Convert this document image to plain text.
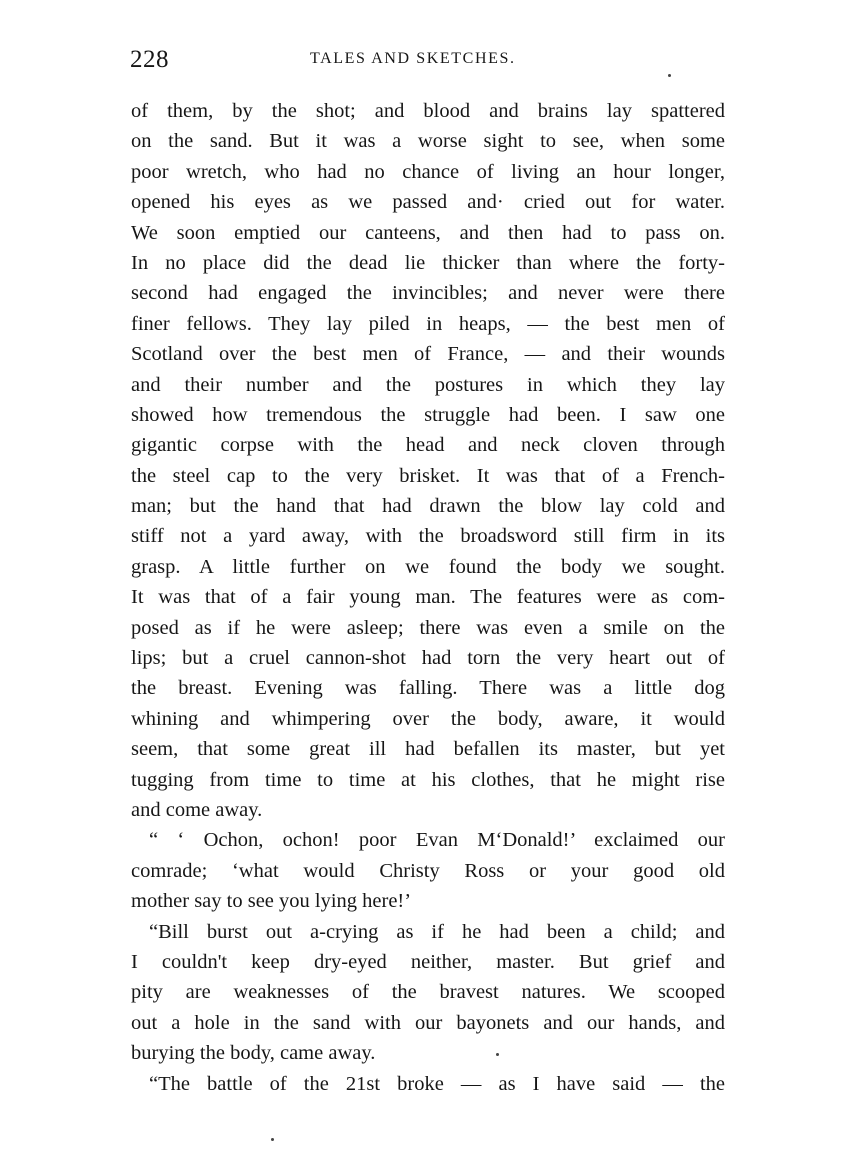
228	TALES AND SKETCHES.
of them, by the shot; and blood and brains lay spattered
on the sand. But it was a worse sight to see, when some
poor wretch, who had no chance of living an hour longer,
opened his eyes as we passed and· cried out for water.
We soon emptied our canteens, and then had to pass on.
In no place did the dead lie thicker than where the forty-
second had engaged the invincibles; and never were there
finer fellows. They lay piled in heaps, — the best men of
Scotland over the best men of France, — and their wounds
and their number and the postures in which they lay
showed how tremendous the struggle had been. I saw one
gigantic corpse with the head and neck cloven through
the steel cap to the very brisket. It was that of a French-
man; but the hand that had drawn the blow lay cold and
stiff not a yard away, with the broadsword still firm in its
grasp. A little further on we found the body we sought.
It was that of a fair young man. The features were as com-
posed as if he were asleep; there was even a smile on the
lips; but a cruel cannon-shot had torn the very heart out of
the breast. Evening was falling. There was a little dog
whining and whimpering over the body, aware, it would
seem, that some great ill had befallen its master, but yet
tugging from time to time at his clothes, that he might rise
and come away.
“ ‘ Ochon, ochon! poor Evan M‘Donald!’ exclaimed our
comrade; ‘what would Christy Ross or your good old
mother say to see you lying here!’
“Bill burst out a-crying as if he had been a child; and
I couldn't keep dry-eyed neither, master. But grief and
pity are weaknesses of the bravest natures. We scooped
out a hole in the sand with our bayonets and our hands, and
burying the body, came away.
“The battle of the 21st broke — as I have said — the
